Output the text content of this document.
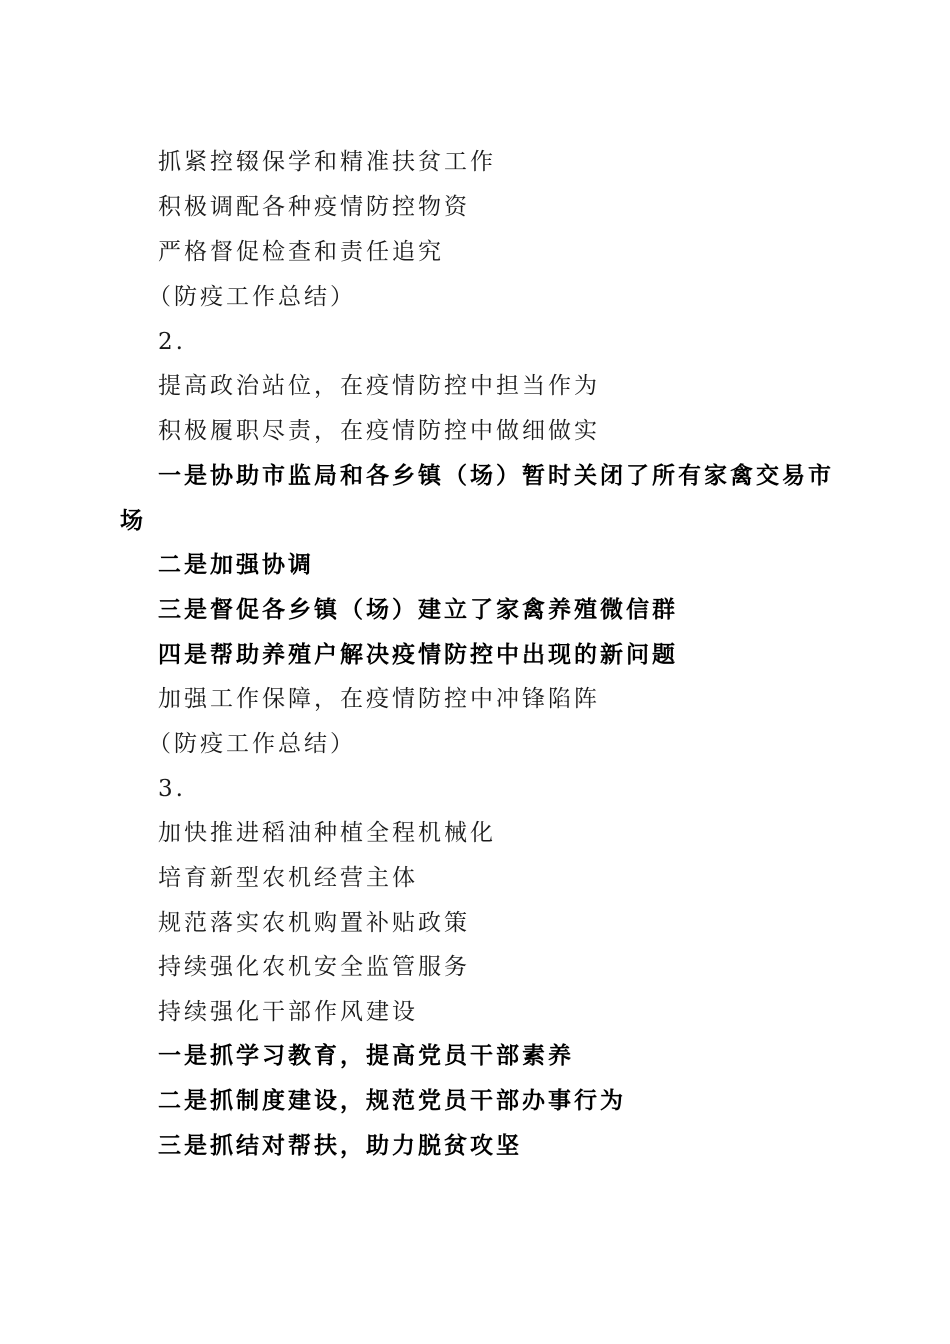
抓紧控辍保学和精准扶贫工作
积极调配各种疫情防控物资
严格督促检查和责任追究
（防疫工作总结）
2.
提高政治站位，在疫情防控中担当作为
积极履职尽责，在疫情防控中做细做实
一是协助市监局和各乡镇（场）暂时关闭了所有家禽交易市
场
二是加强协调
三是督促各乡镇（场）建立了家禽养殖微信群
四是帮助养殖户解决疫情防控中出现的新问题
加强工作保障，在疫情防控中冲锋陷阵
（防疫工作总结）
3.
加快推进稻油种植全程机械化
培育新型农机经营主体
规范落实农机购置补贴政策
持续强化农机安全监管服务
持续强化干部作风建设
一是抓学习教育，提高党员干部素养
二是抓制度建设，规范党员干部办事行为
三是抓结对帮扶，助力脱贫攻坚
